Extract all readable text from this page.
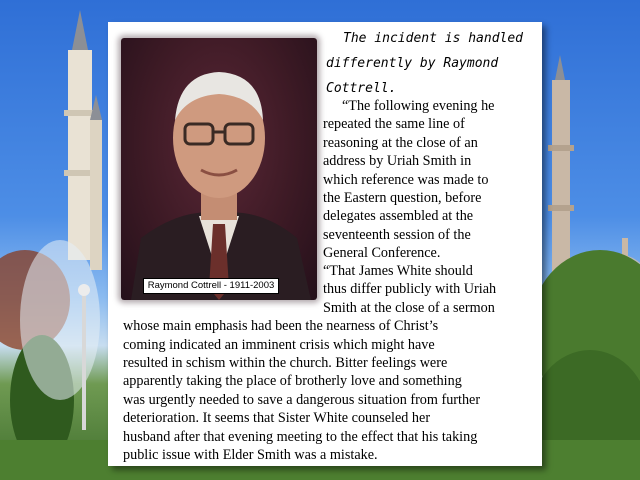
Raymond Cottrell - 1911-2003
The incident is handled
differently by Raymond
Cottrell.
“The following evening he
repeated the same line of
reasoning at the close of an
address by Uriah Smith in
which reference was made to
the Eastern question, before
delegates assembled at the
seventeenth session of the
General Conference.
“That James White should
thus differ publicly with Uriah
Smith at the close of a sermon
whose main emphasis had been the nearness of Christ’s
coming indicated an imminent crisis which might have
resulted in schism within the church. Bitter feelings were
apparently taking the place of brotherly love and something
was urgently needed to save a dangerous situation from further
deterioration. It seems that Sister White counseled her
husband after that evening meeting to the effect that his taking
public issue with Elder Smith was a mistake.
